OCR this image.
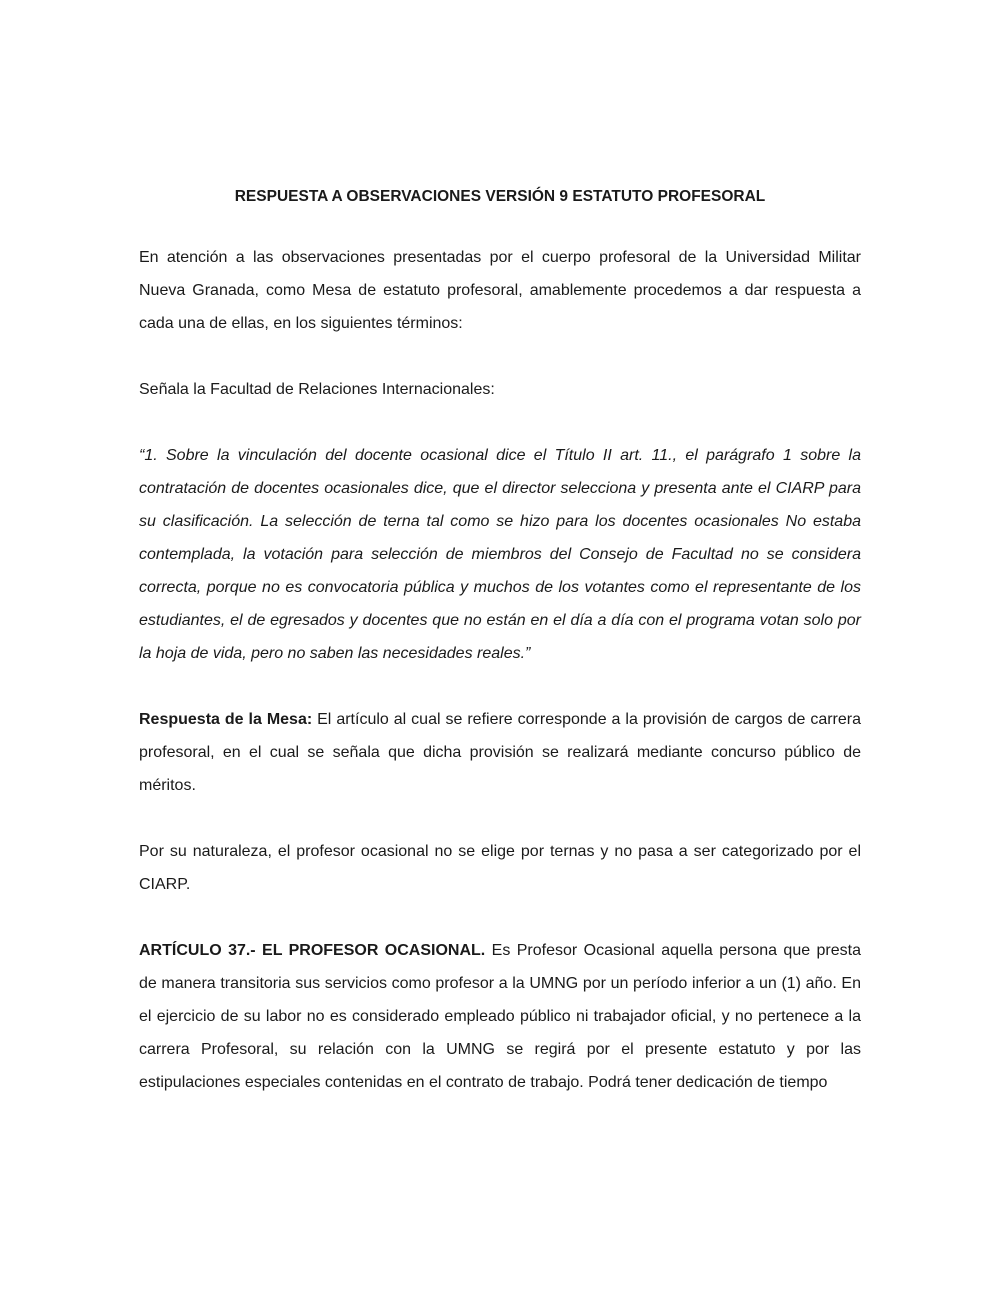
RESPUESTA A OBSERVACIONES VERSIÓN 9 ESTATUTO PROFESORAL

En atención a las observaciones presentadas por el cuerpo profesoral de la Universidad Militar Nueva Granada, como Mesa de estatuto profesoral, amablemente procedemos a dar respuesta a cada una de ellas, en los siguientes términos:

Señala la Facultad de Relaciones Internacionales:

“1. Sobre la vinculación del docente ocasional dice el Título II art. 11., el parágrafo 1 sobre la contratación de docentes ocasionales dice, que el director selecciona y presenta ante el CIARP para su clasificación. La selección de terna tal como se hizo para los docentes ocasionales No estaba contemplada, la votación para selección de miembros del Consejo de Facultad no se considera correcta, porque no es convocatoria pública y muchos de los votantes como el representante de los estudiantes, el de egresados y docentes que no están en el día a día con el programa votan solo por la hoja de vida, pero no saben las necesidades reales.”

Respuesta de la Mesa: El artículo al cual se refiere corresponde a la provisión de cargos de carrera profesoral, en el cual se señala que dicha provisión se realizará mediante concurso público de méritos.

Por su naturaleza, el profesor ocasional no se elige por ternas y no pasa a ser categorizado por el CIARP.

ARTÍCULO 37.- EL PROFESOR OCASIONAL. Es Profesor Ocasional aquella persona que presta de manera transitoria sus servicios como profesor a la UMNG por un período inferior a un (1) año. En el ejercicio de su labor no es considerado empleado público ni trabajador oficial, y no pertenece a la carrera Profesoral, su relación con la UMNG se regirá por el presente estatuto y por las estipulaciones especiales contenidas en el contrato de trabajo. Podrá tener dedicación de tiempo
